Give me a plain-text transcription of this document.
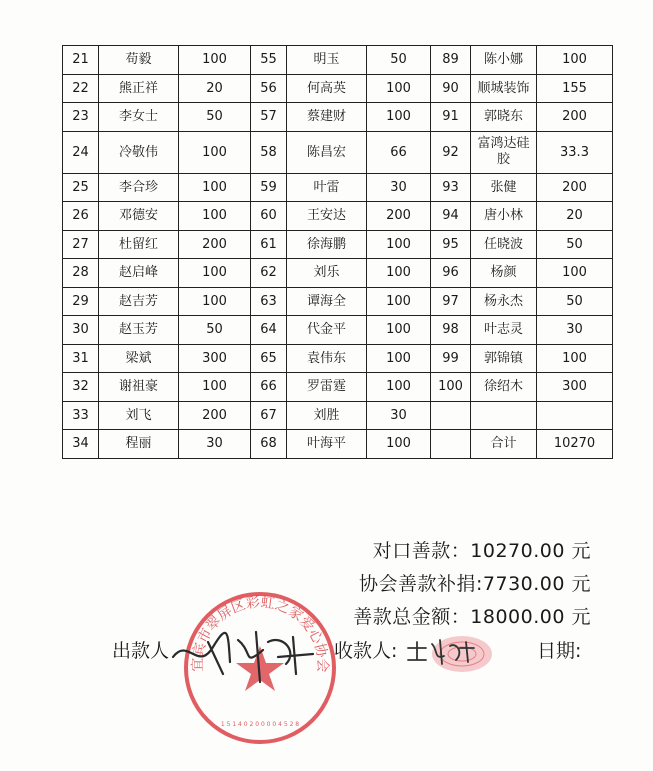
21	苟毅	100	55	明玉	50	89	陈小娜	100
22	熊正祥	20	56	何高英	100	90	顺城装饰	155
23	李女士	50	57	蔡建财	100	91	郭晓东	200
24	冷敬伟	100	58	陈昌宏	66	92	富鸿达硅胶	33.3
25	李合珍	100	59	叶雷	30	93	张健	200
26	邓德安	100	60	王安达	200	94	唐小林	20
27	杜留红	200	61	徐海鹏	100	95	任晓波	50
28	赵启峰	100	62	刘乐	100	96	杨颜	100
29	赵吉芳	100	63	谭海全	100	97	杨永杰	50
30	赵玉芳	50	64	代金平	100	98	叶志灵	30
31	梁斌	300	65	袁伟东	100	99	郭锦镇	100
32	谢祖豪	100	66	罗雷霆	100	100	徐绍木	300
33	刘飞	200	67	刘胜	30			
34	程丽	30	68	叶海平	100		合计	10270
对口善款：10270.00 元
协会善款补捐:7730.00 元
善款总金额：18000.00 元
出款人	收款人:	日期:
宜宾市翠屏区彩虹之家爱心协会
1 5 1 4 0 2 0 0 0 0 4 5 2 8
